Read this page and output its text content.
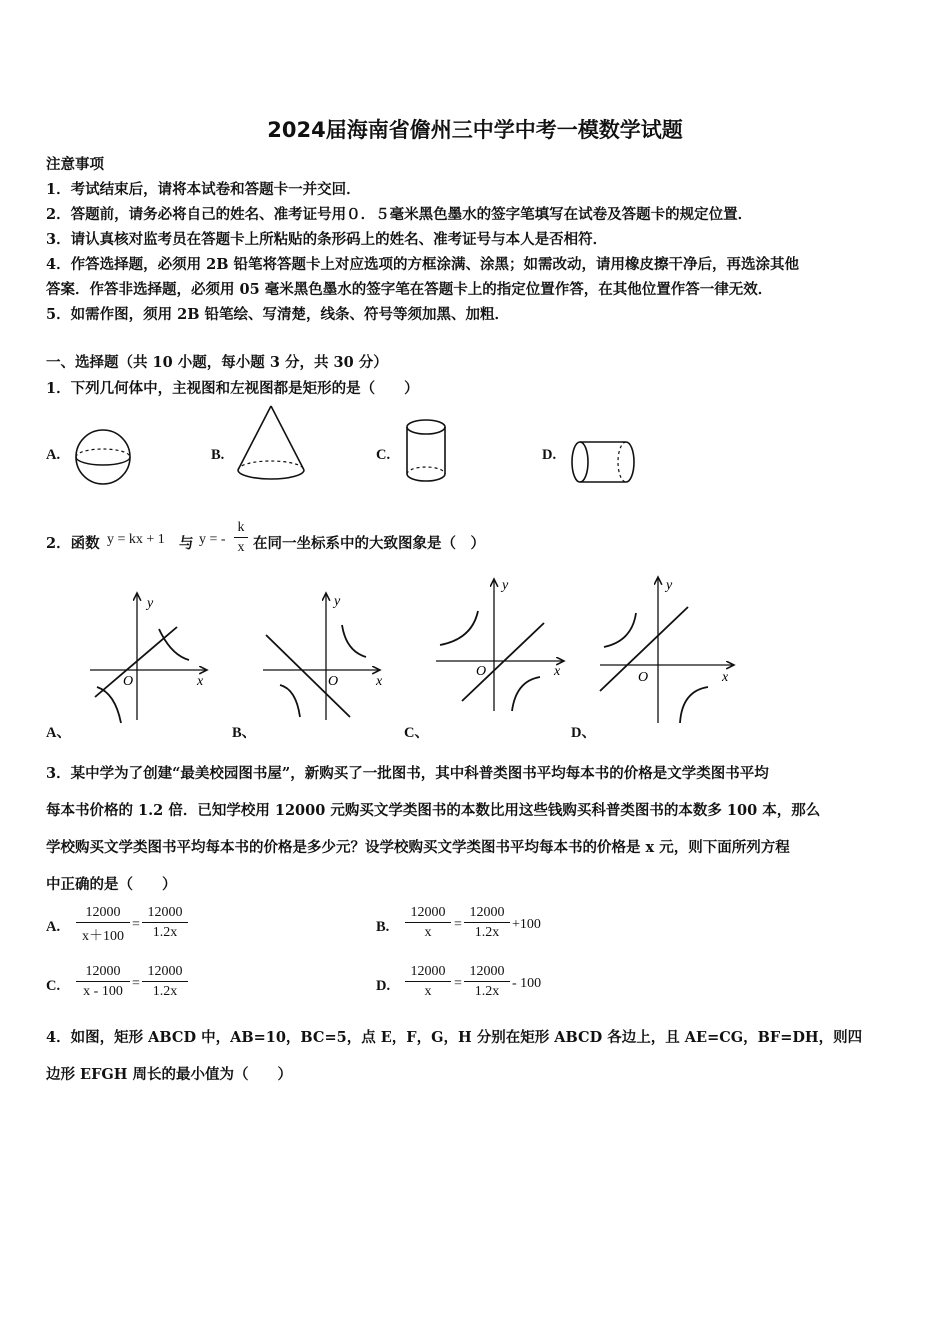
2024届海南省儋州三中学中考一模数学试题
注意事项
1．考试结束后，请将本试卷和答题卡一并交回．
2．答题前，请务必将自己的姓名、准考证号用０．５毫米黑色墨水的签字笔填写在试卷及答题卡的规定位置．
3．请认真核对监考员在答题卡上所粘贴的条形码上的姓名、准考证号与本人是否相符．
4．作答选择题，必须用 2B 铅笔将答题卡上对应选项的方框涂满、涂黑；如需改动，请用橡皮擦干净后，再选涂其他
答案．作答非选择题，必须用 05 毫米黑色墨水的签字笔在答题卡上的指定位置作答，在其他位置作答一律无效．
5．如需作图，须用 2B 铅笔绘、写清楚，线条、符号等须加黑、加粗．
一、选择题（共 10 小题，每小题 3 分，共 30 分）
1．下列几何体中，主视图和左视图都是矩形的是（　　）
A.	B.	C.	D.
2．函数 y = kx + 1 与 y = - $\frac{k}{x}$ 在同一坐标系中的大致图象是（　）
y
x
O
A、
y
x
O
B、
y
x
O
C、
y
x
O
D、
3．某中学为了创建“最美校园图书屋”，新购买了一批图书，其中科普类图书平均每本书的价格是文学类图书平均
每本书价格的 1.2 倍．已知学校用 12000 元购买文学类图书的本数比用这些钱购买科普类图书的本数多 100 本，那么
学校购买文学类图书平均每本书的价格是多少元？设学校购买文学类图书平均每本书的价格是 x 元，则下面所列方程
中正确的是（　　）
A. $\frac{12000}{x+100} = \frac{12000}{1.2x}$	B. $\frac{12000}{x} = \frac{12000}{1.2x} +100$
C. $\frac{12000}{x - 100} = \frac{12000}{1.2x}$	D. $\frac{12000}{x} = \frac{12000}{1.2x} - 100$
4．如图，矩形 ABCD 中，AB=10，BC=5，点 E，F，G，H 分别在矩形 ABCD 各边上，且 AE=CG，BF=DH，则四
边形 EFGH 周长的最小值为（　　）
